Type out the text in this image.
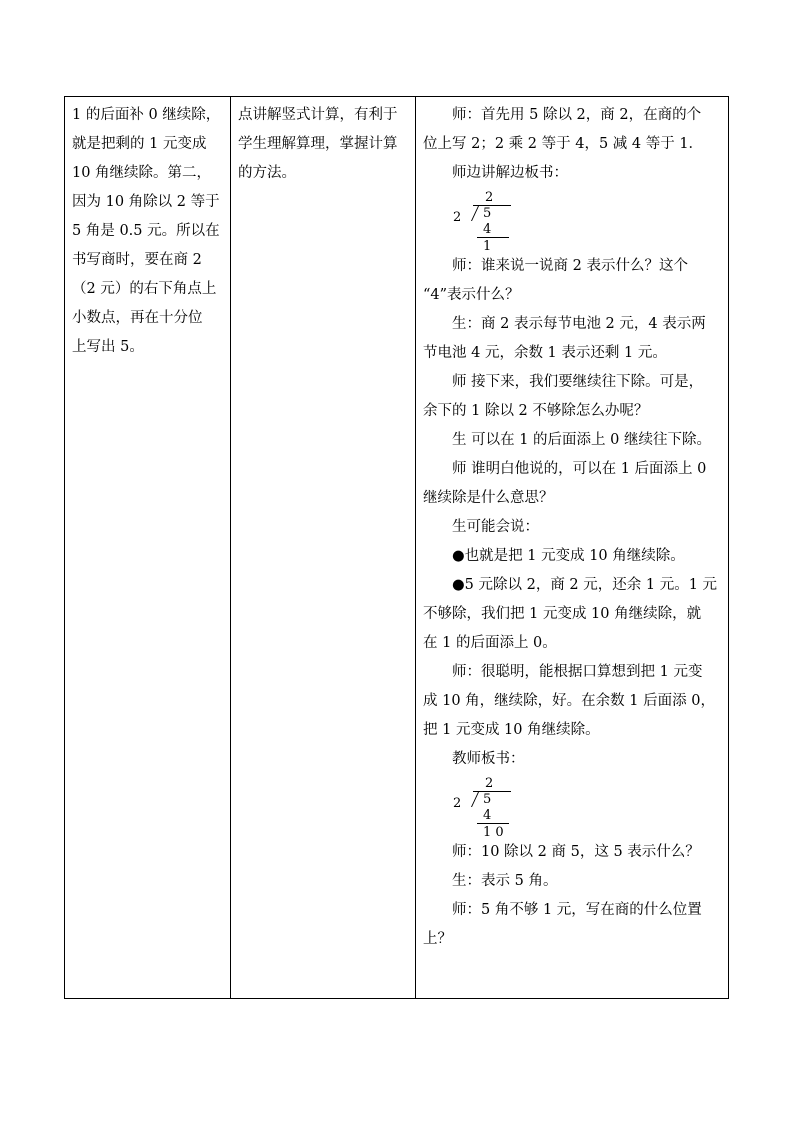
1 的后面补 0 继续除，
就是把剩的 1 元变成
10 角继续除。第二，
因为 10 角除以 2 等于
5 角是 0.5 元。所以在
书写商时，要在商 2
（2 元）的右下角点上
小数点，再在十分位
上写出 5。
点讲解竖式计算，有利于
学生理解算理，掌握计算
的方法。
师：首先用 5 除以 2，商 2，在商的个
位上写 2；2 乘 2 等于 4，5 减 4 等于 1．
师边讲解边板书：
2
2 5
4
1
师：谁来说一说商 2 表示什么？这个
“4”表示什么？
生：商 2 表示每节电池 2 元，4 表示两
节电池 4 元，余数 1 表示还剩 1 元。
师 接下来，我们要继续往下除。可是，
余下的 1 除以 2 不够除怎么办呢？
生 可以在 1 的后面添上 0 继续往下除。
师 谁明白他说的，可以在 1 后面添上 0
继续除是什么意思？
生可能会说：
●也就是把 1 元变成 10 角继续除。
●5 元除以 2，商 2 元，还余 1 元。1 元
不够除，我们把 1 元变成 10 角继续除，就
在 1 的后面添上 0。
师：很聪明，能根据口算想到把 1 元变
成 10 角，继续除，好。在余数 1 后面添 0，
把 1 元变成 10 角继续除。
教师板书：
2
2 5
4
1 0
师：10 除以 2 商 5，这 5 表示什么？
生：表示 5 角。
师：5 角不够 1 元，写在商的什么位置
上？
